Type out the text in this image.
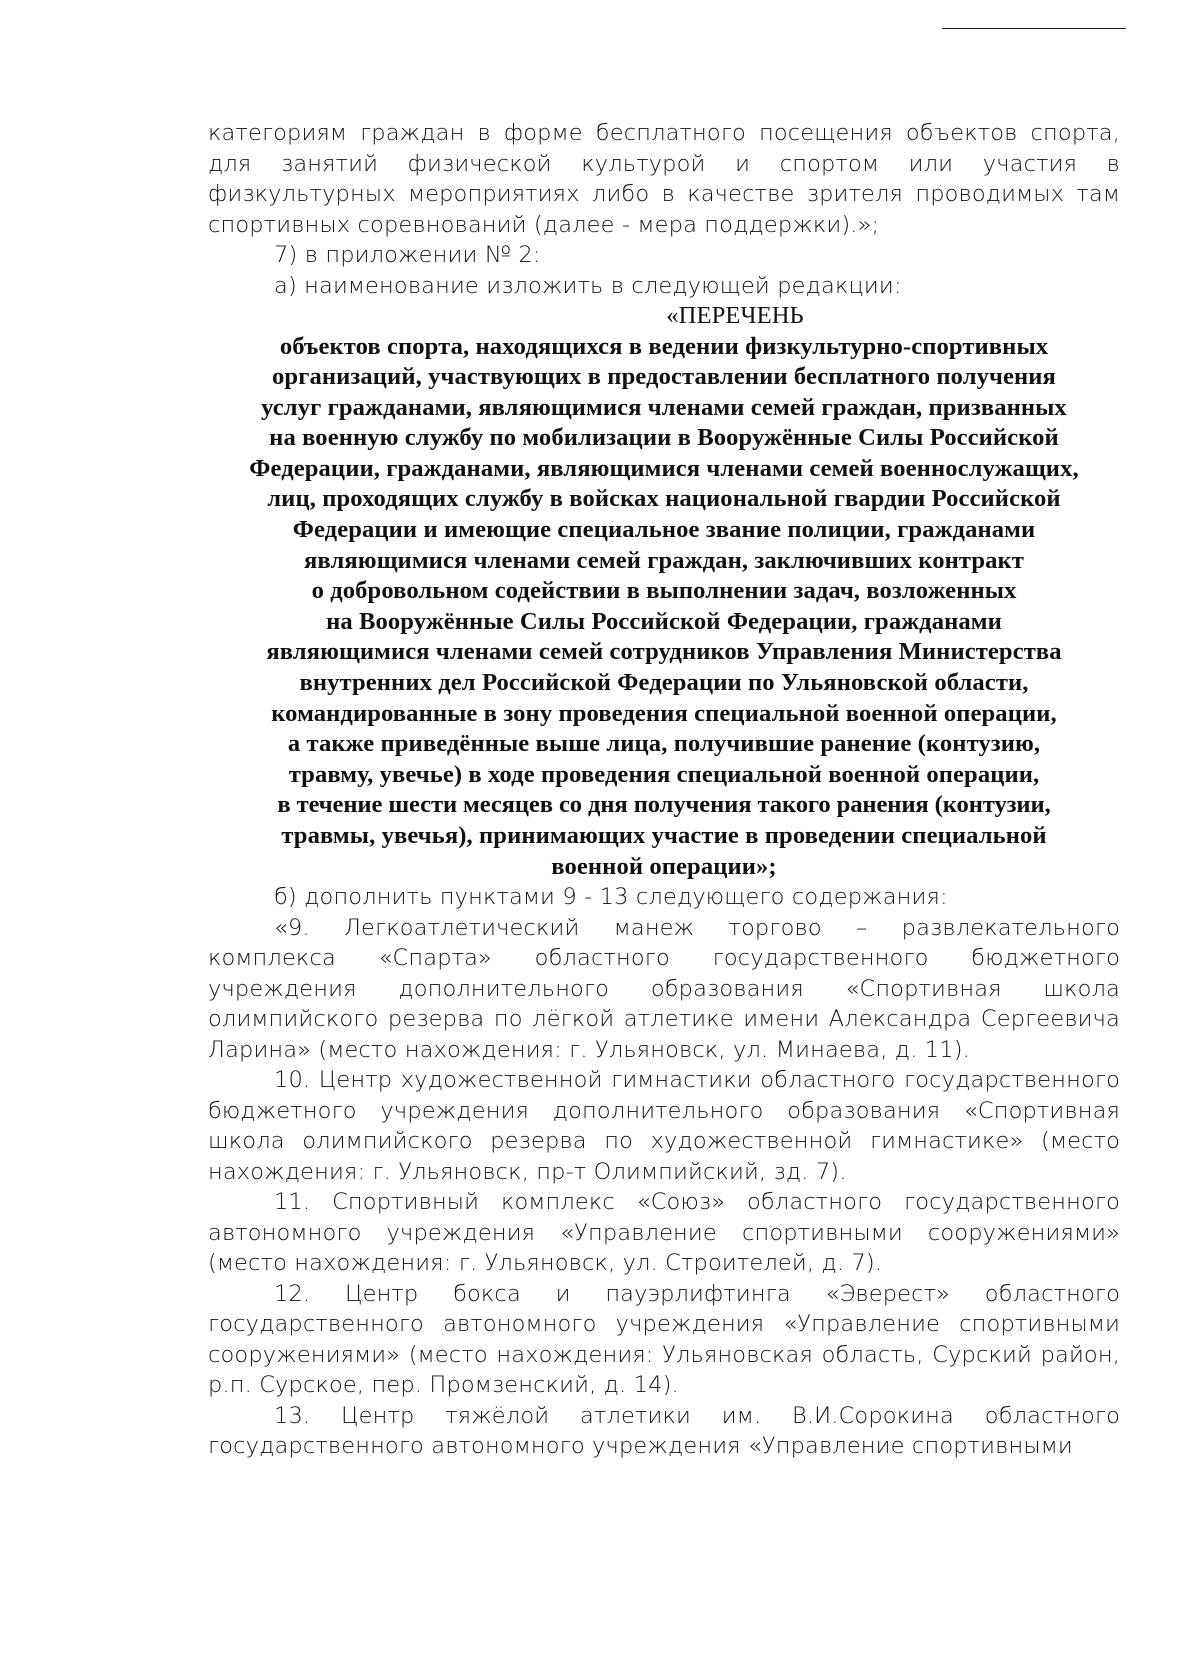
категориям граждан в форме бесплатного посещения объектов спорта, для занятий физической культурой и спортом или участия в физкультурных мероприятиях либо в качестве зрителя проводимых там спортивных соревнований (далее - мера поддержки).»;

7) в приложении № 2:

а) наименование изложить в следующей редакции:

«ПЕРЕЧЕНЬ
объектов спорта, находящихся в ведении физкультурно-спортивных
организаций, участвующих в предоставлении бесплатного получения
услуг гражданами, являющимися членами семей граждан, призванных
на военную службу по мобилизации в Вооружённые Силы Российской
Федерации, гражданами, являющимися членами семей военнослужащих,
лиц, проходящих службу в войсках национальной гвардии Российской
Федерации и имеющие специальное звание полиции, гражданами
являющимися членами семей граждан, заключивших контракт
о добровольном содействии в выполнении задач, возложенных
на Вооружённые Силы Российской Федерации, гражданами
являющимися членами семей сотрудников Управления Министерства
внутренних дел Российской Федерации по Ульяновской области,
командированные в зону проведения специальной военной операции,
а также приведённые выше лица, получившие ранение (контузию,
травму, увечье) в ходе проведения специальной военной операции,
в течение шести месяцев со дня получения такого ранения (контузии,
травмы, увечья), принимающих участие в проведении специальной
военной операции»;

б) дополнить пунктами 9 - 13 следующего содержания:

«9. Легкоатлетический манеж торгово – развлекательного комплекса «Спарта» областного государственного бюджетного учреждения дополнительного образования «Спортивная школа олимпийского резерва по лёгкой атлетике имени Александра Сергеевича Ларина» (место нахождения: г. Ульяновск, ул. Минаева, д. 11).

10. Центр художественной гимнастики областного государственного бюджетного учреждения дополнительного образования «Спортивная школа олимпийского резерва по художественной гимнастике» (место нахождения: г. Ульяновск, пр-т Олимпийский, зд. 7).

11. Спортивный комплекс «Союз» областного государственного автономного учреждения «Управление спортивными сооружениями» (место нахождения: г. Ульяновск, ул. Строителей, д. 7).

12. Центр бокса и пауэрлифтинга «Эверест» областного государственного автономного учреждения «Управление спортивными сооружениями» (место нахождения: Ульяновская область, Сурский район, р.п. Сурское, пер. Промзенский, д. 14).

13. Центр тяжёлой атлетики им. В.И.Сорокина областного государственного автономного учреждения «Управление спортивными
